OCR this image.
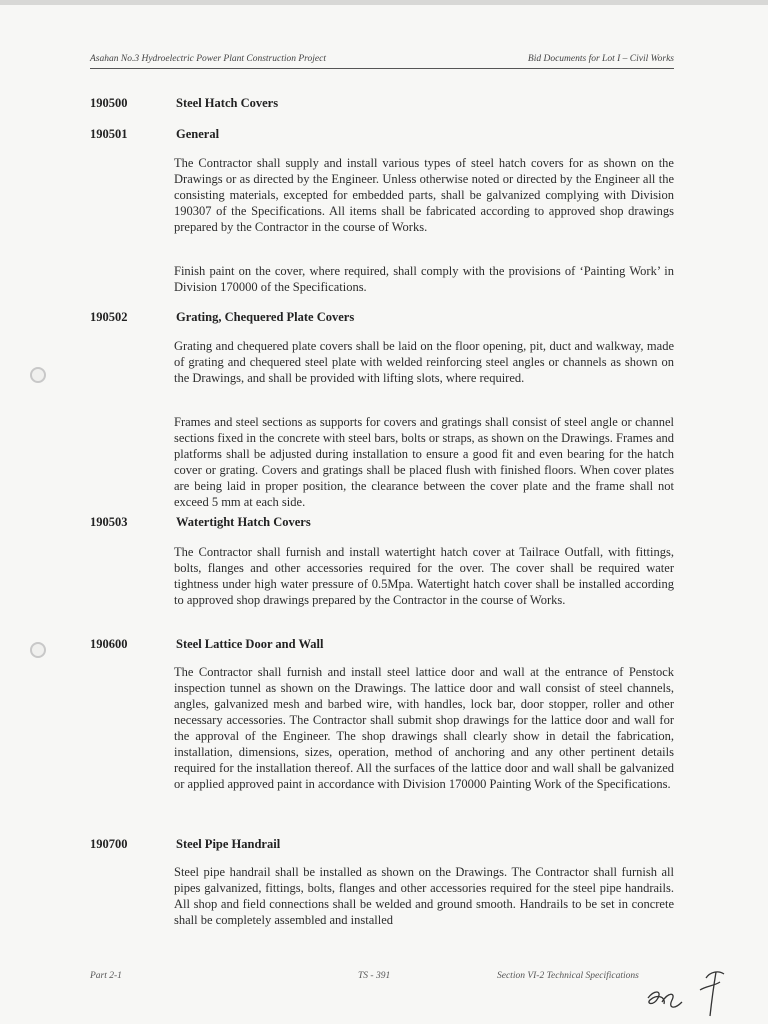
Asahan No.3 Hydroelectric Power Plant Construction Project	Bid Documents for Lot I – Civil Works
190500	Steel Hatch Covers
190501	General

The Contractor shall supply and install various types of steel hatch covers for as shown on the Drawings or as directed by the Engineer. Unless otherwise noted or directed by the Engineer all the consisting materials, excepted for embedded parts, shall be galvanized complying with Division 190307 of the Specifications. All items shall be fabricated according to approved shop drawings prepared by the Contractor in the course of Works.

Finish paint on the cover, where required, shall comply with the provisions of ‘Painting Work’ in Division 170000 of the Specifications.

190502	Grating, Chequered Plate Covers

Grating and chequered plate covers shall be laid on the floor opening, pit, duct and walkway, made of grating and chequered steel plate with welded reinforcing steel angles or channels as shown on the Drawings, and shall be provided with lifting slots, where required.

Frames and steel sections as supports for covers and gratings shall consist of steel angle or channel sections fixed in the concrete with steel bars, bolts or straps, as shown on the Drawings. Frames and platforms shall be adjusted during installation to ensure a good fit and even bearing for the hatch cover or grating. Covers and gratings shall be placed flush with finished floors. When cover plates are being laid in proper position, the clearance between the cover plate and the frame shall not exceed 5 mm at each side.

190503	Watertight Hatch Covers

The Contractor shall furnish and install watertight hatch cover at Tailrace Outfall, with fittings, bolts, flanges and other accessories required for the over. The cover shall be required water tightness under high water pressure of 0.5Mpa. Watertight hatch cover shall be installed according to approved shop drawings prepared by the Contractor in the course of Works.

190600	Steel Lattice Door and Wall

The Contractor shall furnish and install steel lattice door and wall at the entrance of Penstock inspection tunnel as shown on the Drawings. The lattice door and wall consist of steel channels, angles, galvanized mesh and barbed wire, with handles, lock bar, door stopper, roller and other necessary accessories. The Contractor shall submit shop drawings for the lattice door and wall for the approval of the Engineer. The shop drawings shall clearly show in detail the fabrication, installation, dimensions, sizes, operation, method of anchoring and any other pertinent details required for the installation thereof. All the surfaces of the lattice door and wall shall be galvanized or applied approved paint in accordance with Division 170000 Painting Work of the Specifications.

190700	Steel Pipe Handrail

Steel pipe handrail shall be installed as shown on the Drawings. The Contractor shall furnish all pipes galvanized, fittings, bolts, flanges and other accessories required for the steel pipe handrails. All shop and field connections shall be welded and ground smooth. Handrails to be set in concrete shall be completely assembled and installed

Part 2-1	TS - 391	Section VI-2 Technical Specifications
